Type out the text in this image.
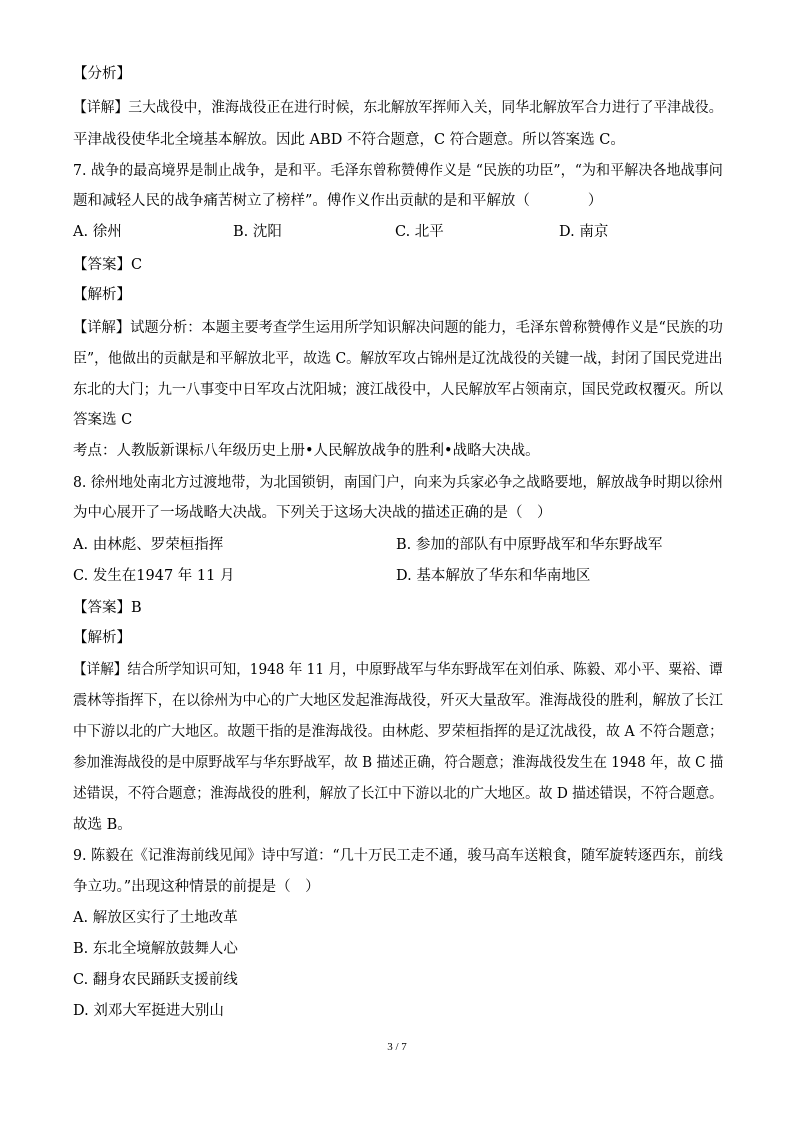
【分析】
【详解】三大战役中，淮海战役正在进行时候，东北解放军挥师入关，同华北解放军合力进行了平津战役。
平津战役使华北全境基本解放。因此 ABD 不符合题意，C 符合题意。所以答案选 C。
7. 战争的最高境界是制止战争，是和平。毛泽东曾称赞傅作义是 “民族的功臣”，“为和平解决各地战事问
题和减轻人民的战争痛苦树立了榜样”。傅作义作出贡献的是和平解放（　　　　）
A. 徐州	B. 沈阳	C. 北平	D. 南京
【答案】C
【解析】
【详解】试题分析：本题主要考查学生运用所学知识解决问题的能力，毛泽东曾称赞傅作义是“民族的功
臣”，他做出的贡献是和平解放北平，故选 C。解放军攻占锦州是辽沈战役的关键一战，封闭了国民党进出
东北的大门；九一八事变中日军攻占沈阳城；渡江战役中，人民解放军占领南京，国民党政权覆灭。所以
答案选 C
考点：人教版新课标八年级历史上册•人民解放战争的胜利•战略大决战。
8. 徐州地处南北方过渡地带，为北国锁钥，南国门户，向来为兵家必争之战略要地，解放战争时期以徐州
为中心展开了一场战略大决战。下列关于这场大决战的描述正确的是（　）
A. 由林彪、罗荣桓指挥	B. 参加的部队有中原野战军和华东野战军
C. 发生在1947 年 11 月	D. 基本解放了华东和华南地区
【答案】B
【解析】
【详解】结合所学知识可知，1948 年 11 月，中原野战军与华东野战军在刘伯承、陈毅、邓小平、粟裕、谭
震林等指挥下，在以徐州为中心的广大地区发起淮海战役，歼灭大量敌军。淮海战役的胜利，解放了长江
中下游以北的广大地区。故题干指的是淮海战役。由林彪、罗荣桓指挥的是辽沈战役，故 A 不符合题意；
参加淮海战役的是中原野战军与华东野战军，故 B 描述正确，符合题意；淮海战役发生在 1948 年，故 C 描
述错误，不符合题意；淮海战役的胜利，解放了长江中下游以北的广大地区。故 D 描述错误，不符合题意。
故选 B。
9. 陈毅在《记淮海前线见闻》诗中写道：“几十万民工走不通，骏马高车送粮食，随军旋转逐西东，前线
争立功。”出现这种情景的前提是（　）
A. 解放区实行了土地改革
B. 东北全境解放鼓舞人心
C. 翻身农民踊跃支援前线
D. 刘邓大军挺进大别山
3 / 7
